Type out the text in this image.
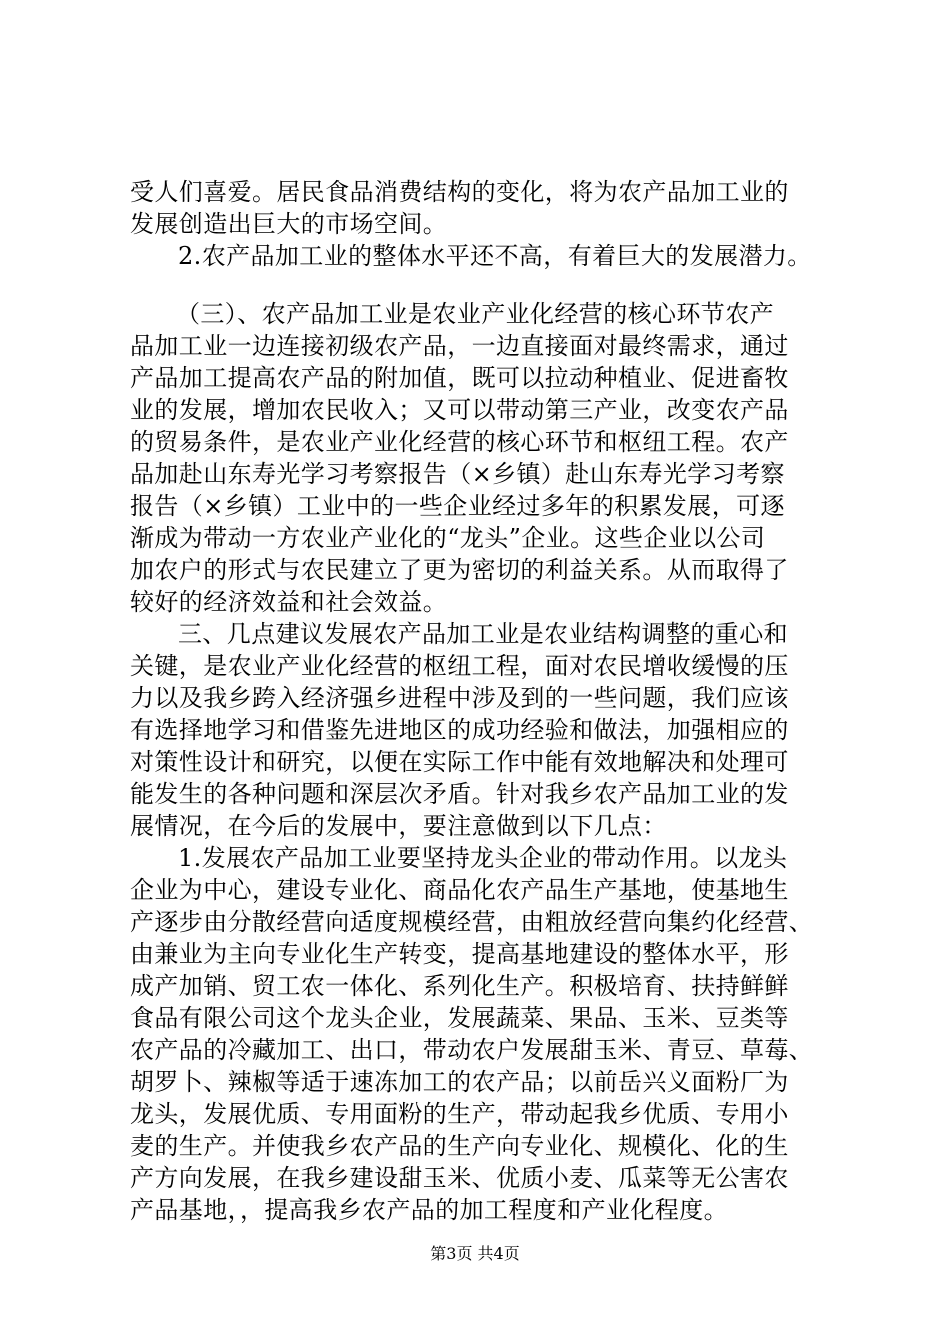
受人们喜爱。居民食品消费结构的变化，将为农产品加工业的
发展创造出巨大的市场空间。
2.农产品加工业的整体水平还不高，有着巨大的发展潜力。
（三）、农产品加工业是农业产业化经营的核心环节农产
品加工业一边连接初级农产品，一边直接面对最终需求，通过
产品加工提高农产品的附加值，既可以拉动种植业、促进畜牧
业的发展，增加农民收入；又可以带动第三产业，改变农产品
的贸易条件，是农业产业化经营的核心环节和枢纽工程。农产
品加赴山东寿光学习考察报告（×乡镇）赴山东寿光学习考察
报告（×乡镇）工业中的一些企业经过多年的积累发展，可逐
渐成为带动一方农业产业化的“龙头”企业。这些企业以公司
加农户的形式与农民建立了更为密切的利益关系。从而取得了
较好的经济效益和社会效益。
三、几点建议发展农产品加工业是农业结构调整的重心和
关键，是农业产业化经营的枢纽工程，面对农民增收缓慢的压
力以及我乡跨入经济强乡进程中涉及到的一些问题，我们应该
有选择地学习和借鉴先进地区的成功经验和做法，加强相应的
对策性设计和研究，以便在实际工作中能有效地解决和处理可
能发生的各种问题和深层次矛盾。针对我乡农产品加工业的发
展情况，在今后的发展中，要注意做到以下几点：
1.发展农产品加工业要坚持龙头企业的带动作用。以龙头
企业为中心，建设专业化、商品化农产品生产基地，使基地生
产逐步由分散经营向适度规模经营，由粗放经营向集约化经营、
由兼业为主向专业化生产转变，提高基地建设的整体水平，形
成产加销、贸工农一体化、系列化生产。积极培育、扶持鲜鲜
食品有限公司这个龙头企业，发展蔬菜、果品、玉米、豆类等
农产品的冷藏加工、出口，带动农户发展甜玉米、青豆、草莓、
胡罗卜、辣椒等适于速冻加工的农产品；以前岳兴义面粉厂为
龙头，发展优质、专用面粉的生产，带动起我乡优质、专用小
麦的生产。并使我乡农产品的生产向专业化、规模化、化的生
产方向发展，在我乡建设甜玉米、优质小麦、瓜菜等无公害农
产品基地，，提高我乡农产品的加工程度和产业化程度。
第3页 共4页
